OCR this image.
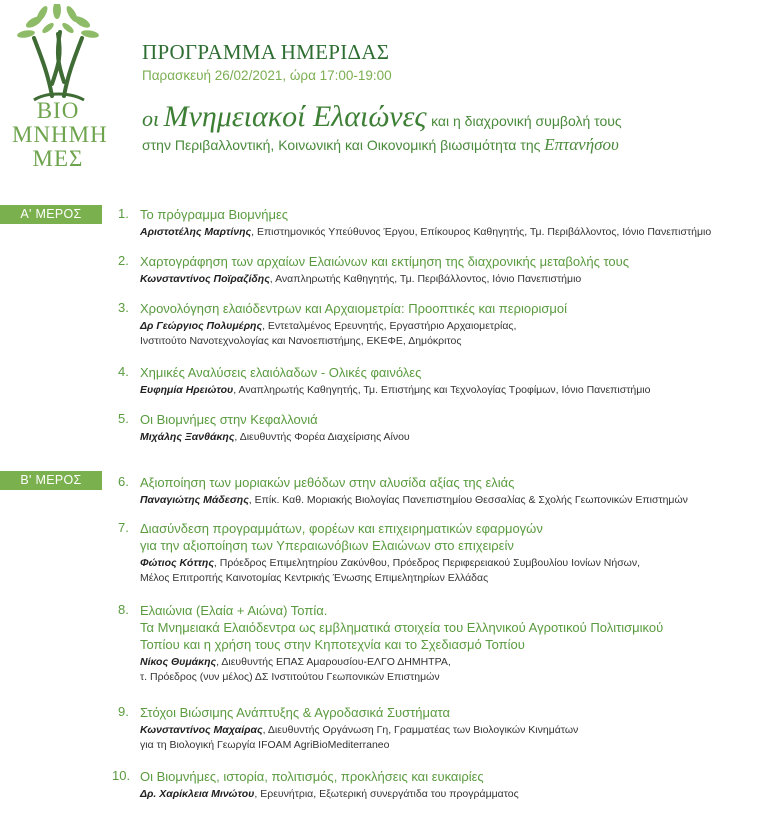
ΒΙΟ
ΜΝΗΜΗ
ΜΕΣ
ΠΡΟΓΡΑΜΜΑ ΗΜΕΡΙΔΑΣ
Παρασκευή 26/02/2021, ώρα 17:00-19:00
οι Μνημειακοί Ελαιώνες και η διαχρονική συμβολή τους
στην Περιβαλλοντική, Κοινωνική και Οικονομική βιωσιμότητα της Επτανήσου
Α' ΜΕΡΟΣ
Β' ΜΕΡΟΣ
1. Το πρόγραμμα Βιομνήμες
Αριστοτέλης Μαρτίνης, Επιστημονικός Υπεύθυνος Έργου, Επίκουρος Καθηγητής, Τμ. Περιβάλλοντος, Ιόνιο Πανεπιστήμιο
2. Χαρτογράφηση των αρχαίων Ελαιώνων και εκτίμηση της διαχρονικής μεταβολής τους
Κωνσταντίνος Ποϊραζίδης, Αναπληρωτής Καθηγητής, Τμ. Περιβάλλοντος, Ιόνιο Πανεπιστήμιο
3. Χρονολόγηση ελαιόδεντρων και Αρχαιομετρία: Προοπτικές και περιορισμοί
Δρ Γεώργιος Πολυμέρης, Εντεταλμένος Ερευνητής, Εργαστήριο Αρχαιομετρίας,
Ινστιτούτο Νανοτεχνολογίας και Νανοεπιστήμης, ΕΚΕΦΕ, Δημόκριτος
4. Χημικές Αναλύσεις ελαιόλαδων - Ολικές φαινόλες
Ευφημία Ηρειώτου, Αναπληρωτής Καθηγητής, Τμ. Επιστήμης και Τεχνολογίας Τροφίμων, Ιόνιο Πανεπιστήμιο
5. Οι Βιομνήμες στην Κεφαλλονιά
Μιχάλης Ξανθάκης, Διευθυντής Φορέα Διαχείρισης Αίνου
6. Αξιοποίηση των μοριακών μεθόδων στην αλυσίδα αξίας της ελιάς
Παναγιώτης Μάδεσης, Επίκ. Καθ. Μοριακής Βιολογίας Πανεπιστημίου Θεσσαλίας & Σχολής Γεωπονικών Επιστημών
7. Διασύνδεση προγραμμάτων, φορέων και επιχειρηματικών εφαρμογών
για την αξιοποίηση των Υπεραιωνόβιων Ελαιώνων στο επιχειρείν
Φώτιος Κόττης, Πρόεδρος Επιμελητηρίου Ζακύνθου, Πρόεδρος Περιφερειακού Συμβουλίου Ιονίων Νήσων,
Μέλος Επιτροπής Καινοτομίας Κεντρικής Ένωσης Επιμελητηρίων Ελλάδας
8. Ελαιώνια (Ελαία + Αιώνα) Τοπία.
Τα Μνημειακά Ελαιόδεντρα ως εμβληματικά στοιχεία του Ελληνικού Αγροτικού Πολιτισμικού
Τοπίου και η χρήση τους στην Κηποτεχνία και το Σχεδιασμό Τοπίου
Νίκος Θυμάκης, Διευθυντής ΕΠΑΣ Αμαρουσίου-ΕΛΓΟ ΔΗΜΗΤΡΑ,
τ. Πρόεδρος (νυν μέλος) ΔΣ Ινστιτούτου Γεωπονικών Επιστημών
9. Στόχοι Βιώσιμης Ανάπτυξης & Αγροδασικά Συστήματα
Κωνσταντίνος Μαχαίρας, Διευθυντής Οργάνωση Γη, Γραμματέας των Βιολογικών Κινημάτων
για τη Βιολογική Γεωργία IFOAM AgriBioMediterraneo
10. Οι Βιομνήμες, ιστορία, πολιτισμός, προκλήσεις και ευκαιρίες
Δρ. Χαρίκλεια Μινώτου, Ερευνήτρια, Εξωτερική συνεργάτιδα του προγράμματος
